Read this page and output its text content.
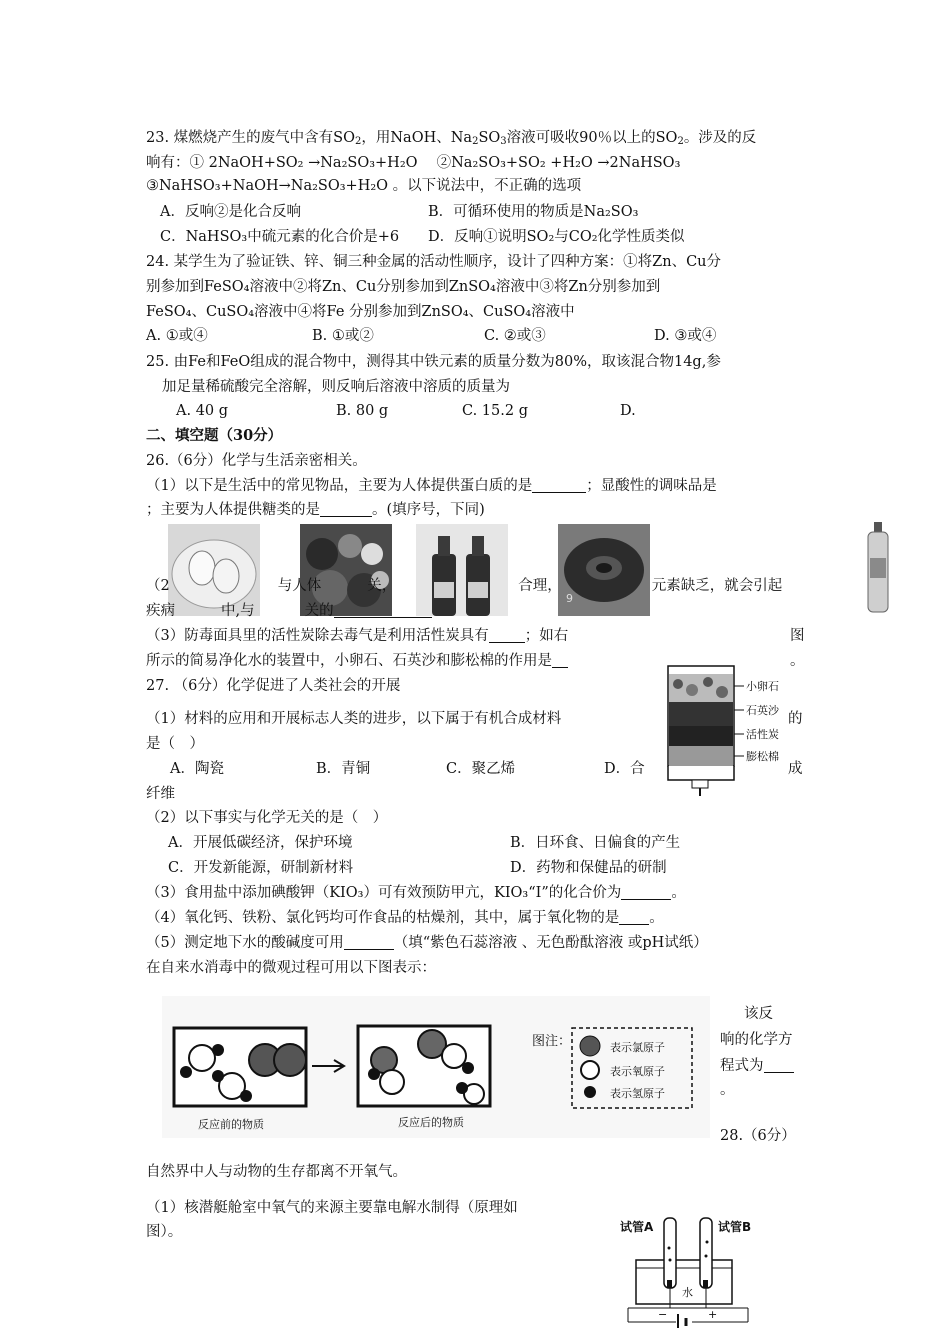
23. 煤燃烧产生的废气中含有$SO_2$，用NaOH、$Na_2SO_3$溶液可吸收90％以上的$SO_2$。涉及的反
响有：① 2NaOH+SO₂ →Na₂SO₃+H₂O　 ②Na₂SO₃+SO₂ +H₂O →2NaHSO₃
③NaHSO₃+NaOH→Na₂SO₃+H₂O 。以下说法中，不正确的选项
A．反响②是化合反响	B．可循环使用的物质是Na₂SO₃
C．NaHSO₃中硫元素的化合价是+6 D．反响①说明SO₂与CO₂化学性质类似
24. 某学生为了验证铁、锌、铜三种金属的活动性顺序，设计了四种方案：①将Zn、Cu分
别参加到FeSO₄溶液中②将Zn、Cu分别参加到ZnSO₄溶液中③将Zn分别参加到
FeSO₄、CuSO₄溶液中④将Fe 分别参加到ZnSO₄、CuSO₄溶液中
A. ①或④	B. ①或②	C. ②或③	D. ③或④
25. 由Fe和FeO组成的混合物中，测得其中铁元素的质量分数为80%，取该混合物14g,参
加足量稀硫酸完全溶解，则反响后溶液中溶质的质量为
A. 40 g	B. 80 g	C. 15.2 g	D.
二、填空题（30分）
26.（6分）化学与生活亲密相关。
（1）以下是生活中的常见物品，主要为人体提供蛋白质的是	；显酸性的调味品是
；主要为人体提供糖类的是	。(填序号，下同)
9
（2	与人体	关，	合理，	元素缺乏，就会引起
疾病	中,与	关的
（3）防毒面具里的活性炭除去毒气是利用活性炭具有 ；如右	图
所示的简易净化水的装置中，小卵石、石英沙和膨松棉的作用是	。
小卵石
石英沙
活性炭
膨松棉
27. （6分）化学促进了人类社会的开展
（1）材料的应用和开展标志人类的进步，以下属于有机合成材料	的
是（　）
A．陶瓷	B．青铜	C．聚乙烯	D．合	成
纤维
（2）以下事实与化学无关的是（　）
A．开展低碳经济，保护环境	B．日环食、日偏食的产生
C．开发新能源，研制新材料	D．药物和保健品的研制
（3）食用盐中添加碘酸钾（KIO₃）可有效预防甲亢，KIO₃“I”的化合价为	。
（4）氧化钙、铁粉、氯化钙均可作食品的枯燥剂，其中，属于氧化物的是 。
（5）测定地下水的酸碱度可用	（填“紫色石蕊溶液 、无色酚酞溶液 或pH试纸）
在自来水消毒中的微观过程可用以下图表示：
反应前的物质	反应后的物质
图注：	表示氯原子
表示氧原子
表示氢原子
该反
响的化学方
程式为
。
28.（6分）
自然界中人与动物的生存都离不开氧气。
（1）核潜艇舱室中氧气的来源主要靠电解水制得（原理如
图）。	试管A	试管B
水
−	+
